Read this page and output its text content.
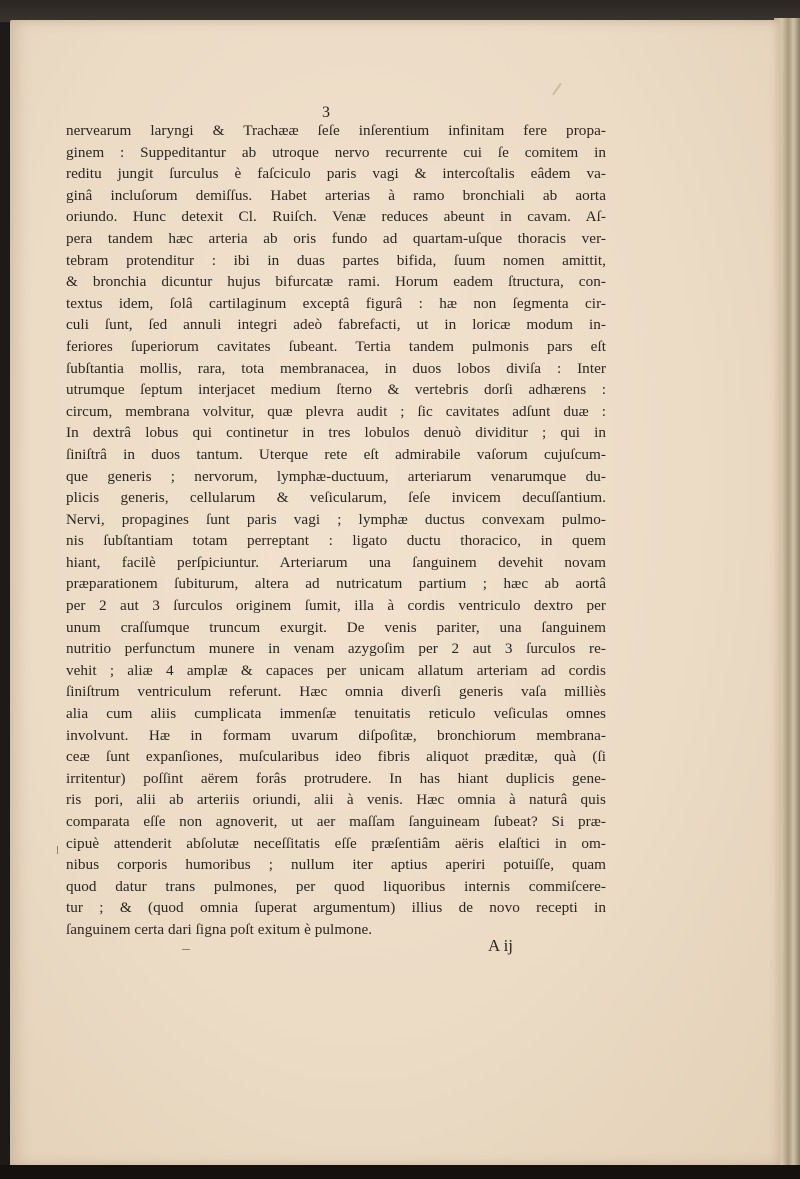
3
nervearum laryngi & Trachææ ſeſe inſerentium infinitam fere propa-
ginem : Suppeditantur ab utroque nervo recurrente cui ſe comitem in
reditu jungit ſurculus è faſciculo paris vagi & intercoſtalis eâdem va-
ginâ incluſorum demiſſus. Habet arterias à ramo bronchiali ab aorta
oriundo. Hunc detexit Cl. Ruiſch. Venæ reduces abeunt in cavam. Aſ-
pera tandem hæc arteria ab oris fundo ad quartam-uſque thoracis ver-
tebram protenditur : ibi in duas partes bifida, ſuum nomen amittit,
& bronchia dicuntur hujus bifurcatæ rami. Horum eadem ſtructura, con-
textus idem, ſolâ cartilaginum exceptâ figurâ : hæ non ſegmenta cir-
culi ſunt, ſed annuli integri adeò fabrefacti, ut in loricæ modum in-
feriores ſuperiorum cavitates ſubeant. Tertia tandem pulmonis pars eſt
ſubſtantia mollis, rara, tota membranacea, in duos lobos diviſa : Inter
utrumque ſeptum interjacet medium ſterno & vertebris dorſi adhærens :
circum, membrana volvitur, quæ plevra audit ; ſic cavitates adſunt duæ :
In dextrâ lobus qui continetur in tres lobulos denuò dividitur ; qui in
ſiniſtrâ in duos tantum. Uterque rete eſt admirabile vaſorum cujuſcum-
que generis ; nervorum, lymphæ-ductuum, arteriarum venarumque du-
plicis generis, cellularum & veſicularum, ſeſe invicem decuſſantium.
Nervi, propagines ſunt paris vagi ; lymphæ ductus convexam pulmo-
nis ſubſtantiam totam perreptant : ligato ductu thoracico, in quem
hiant, facilè perſpiciuntur. Arteriarum una ſanguinem devehit novam
præparationem ſubiturum, altera ad nutricatum partium ; hæc ab aortâ
per 2 aut 3 ſurculos originem ſumit, illa à cordis ventriculo dextro per
unum craſſumque truncum exurgit. De venis pariter, una ſanguinem
nutritio perfunctum munere in venam azygoſim per 2 aut 3 ſurculos re-
vehit ; aliæ 4 amplæ & capaces per unicam allatum arteriam ad cordis
ſiniſtrum ventriculum referunt. Hæc omnia diverſi generis vaſa milliès
alia cum aliis cumplicata immenſæ tenuitatis reticulo veſiculas omnes
involvunt. Hæ in formam uvarum diſpoſitæ, bronchiorum membrana-
ceæ ſunt expanſiones, muſcularibus ideo fibris aliquot præditæ, quà (ſi
irritentur) poſſint aërem forâs protrudere. In has hiant duplicis gene-
ris pori, alii ab arteriis oriundi, alii à venis. Hæc omnia à naturâ quis
comparata eſſe non agnoverit, ut aer maſſam ſanguineam ſubeat? Si præ-
cipuè attenderit abſolutæ neceſſitatis eſſe præſentiâm aëris elaſtici in om-
nibus corporis humoribus ; nullum iter aptius aperiri potuiſſe, quam
quod datur trans pulmones, per quod liquoribus internis commiſcere-
tur ; & (quod omnia ſuperat argumentum) illius de novo recepti in
ſanguinem certa dari ſigna poſt exitum è pulmone.
A ij
